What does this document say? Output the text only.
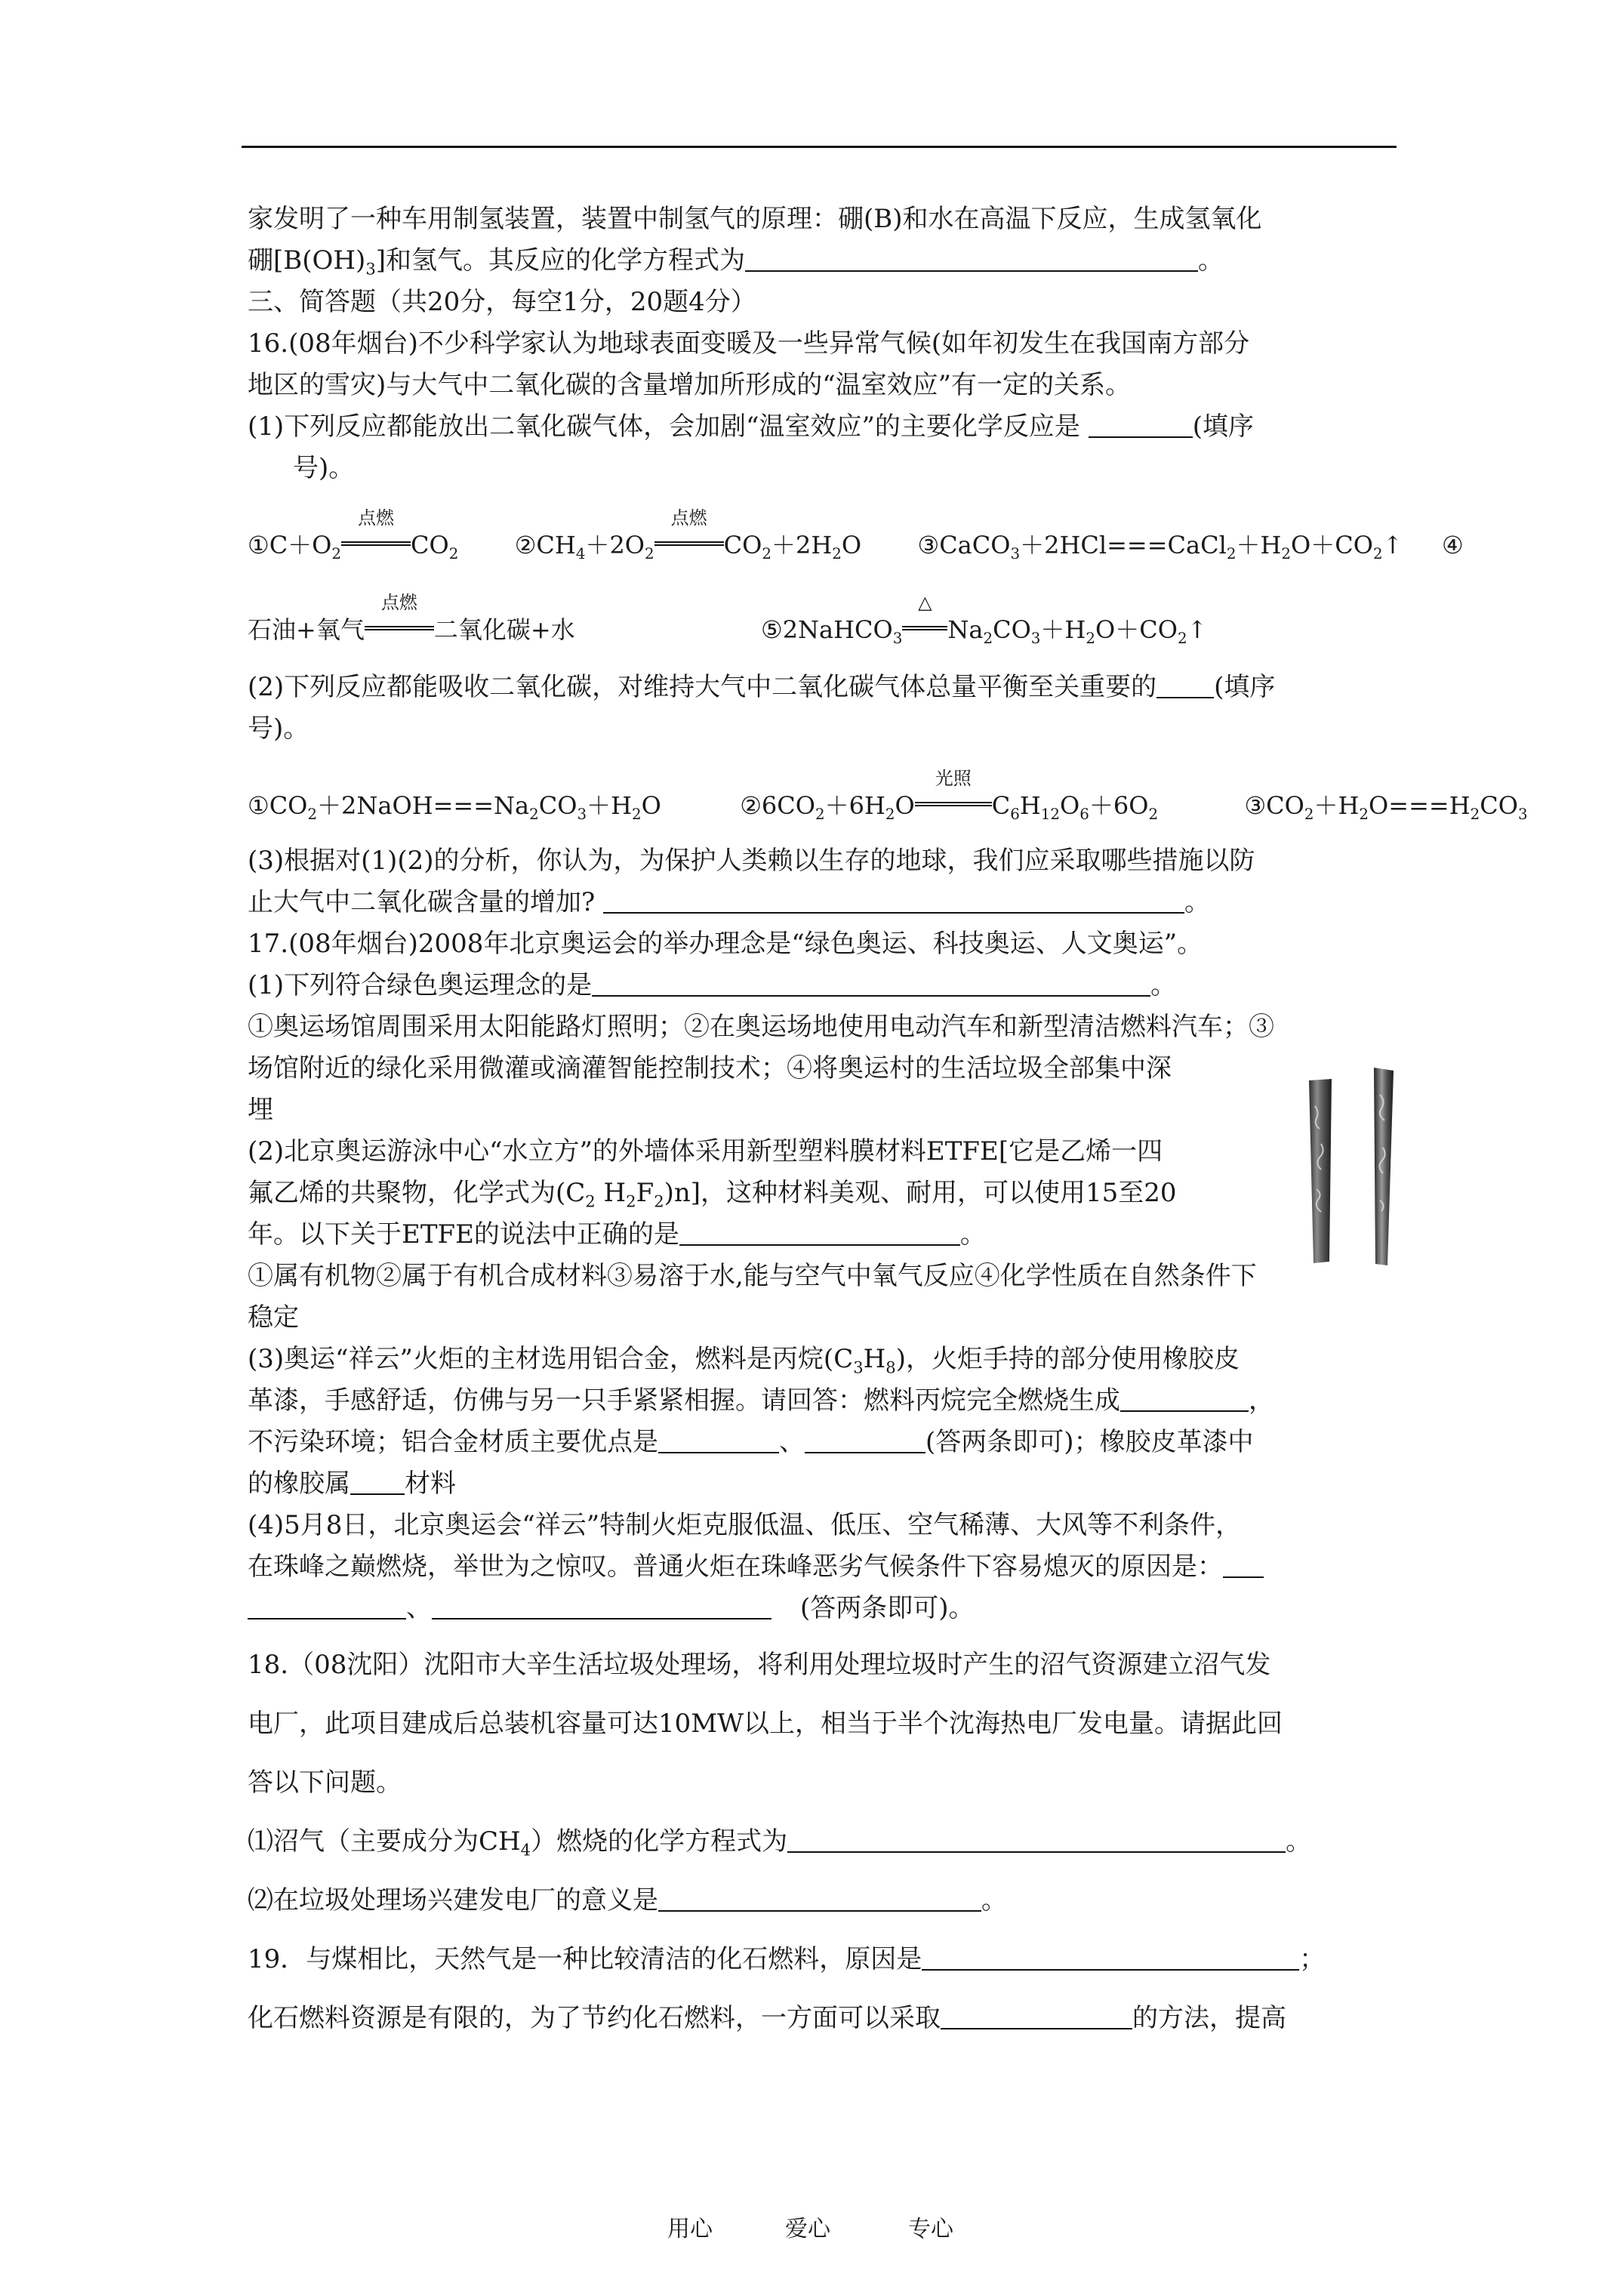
家发明了一种车用制氢装置，装置中制氢气的原理：硼(B)和水在高温下反应，生成氢氧化
硼$[B(OH)_3]$和氢气。其反应的化学方程式为	。
三、简答题（共20分，每空1分，20题4分）
16.(08年烟台)不少科学家认为地球表面变暖及一些异常气候(如年初发生在我国南方部分
地区的雪灾)与大气中二氧化碳的含量增加所形成的“温室效应”有一定的关系。
(1)下列反应都能放出二氧化碳气体，会加剧“温室效应”的主要化学反应是	(填序
号)。
$①C+O_2$
点燃
$CO_2$ $②CH_4+2O_2$
点燃
$CO_2+2H_2O$ $③CaCO_3+2HCl===CaCl_2+H_2O+CO_2↑$ ④
石油+氧气
点燃
二氧化碳+水	⑤2NaHCO$_3$
△
$Na_2CO_3+H_2O+CO_2↑$
(2)下列反应都能吸收二氧化碳，对维持大气中二氧化碳气体总量平衡至关重要的 (填序
号)。
$①CO_2+2NaOH===Na_2CO_3+H_2O$	$②6CO_2+6H_2O$
光照
$C_6H_{12}O_6+6O_2$	$③CO_2+H_2O===H_2CO_3$
(3)根据对(1)(2)的分析，你认为，为保护人类赖以生存的地球，我们应采取哪些措施以防
止大气中二氧化碳含量的增加?	。
17.(08年烟台)2008年北京奥运会的举办理念是“绿色奥运、科技奥运、人文奥运”。
(1)下列符合绿色奥运理念的是	。
①奥运场馆周围采用太阳能路灯照明；②在奥运场地使用电动汽车和新型清洁燃料汽车；③
场馆附近的绿化采用微灌或滴灌智能控制技术；④将奥运村的生活垃圾全部集中深
埋
(2)北京奥运游泳中心“水立方”的外墙体采用新型塑料膜材料ETFE[它是乙烯一四
氟乙烯的共聚物，化学式为($C_2$ $H_2F_2)n$]，这种材料美观、耐用，可以使用15至20
年。以下关于ETFE的说法中正确的是	。
①属有机物②属于有机合成材料③易溶于水,能与空气中氧气反应④化学性质在自然条件下
稳定
(3)奥运“祥云”火炬的主材选用铝合金，燃料是丙烷$(C_3H_8)$，火炬手持的部分使用橡胶皮
革漆，手感舒适，仿佛与另一只手紧紧相握。请回答：燃料丙烷完全燃烧生成	，
不污染环境；铝合金材质主要优点是	、	(答两条即可)；橡胶皮革漆中
的橡胶属 材料
(4)5月8日，北京奥运会“祥云”特制火炬克服低温、低压、空气稀薄、大风等不利条件，
在珠峰之巅燃烧，举世为之惊叹。普通火炬在珠峰恶劣气候条件下容易熄灭的原因是：
、	(答两条即可)。
18.（08沈阳）沈阳市大辛生活垃圾处理场，将利用处理垃圾时产生的沼气资源建立沼气发
电厂，此项目建成后总装机容量可达10MW以上，相当于半个沈海热电厂发电量。请据此回
答以下问题。
⑴沼气（主要成分为$CH_4$）燃烧的化学方程式为	。
⑵在垃圾处理场兴建发电厂的意义是	。
19．与煤相比，天然气是一种比较清洁的化石燃料，原因是	；
化石燃料资源是有限的，为了节约化石燃料，一方面可以采取	的方法，提高
用心	爱心	专心
